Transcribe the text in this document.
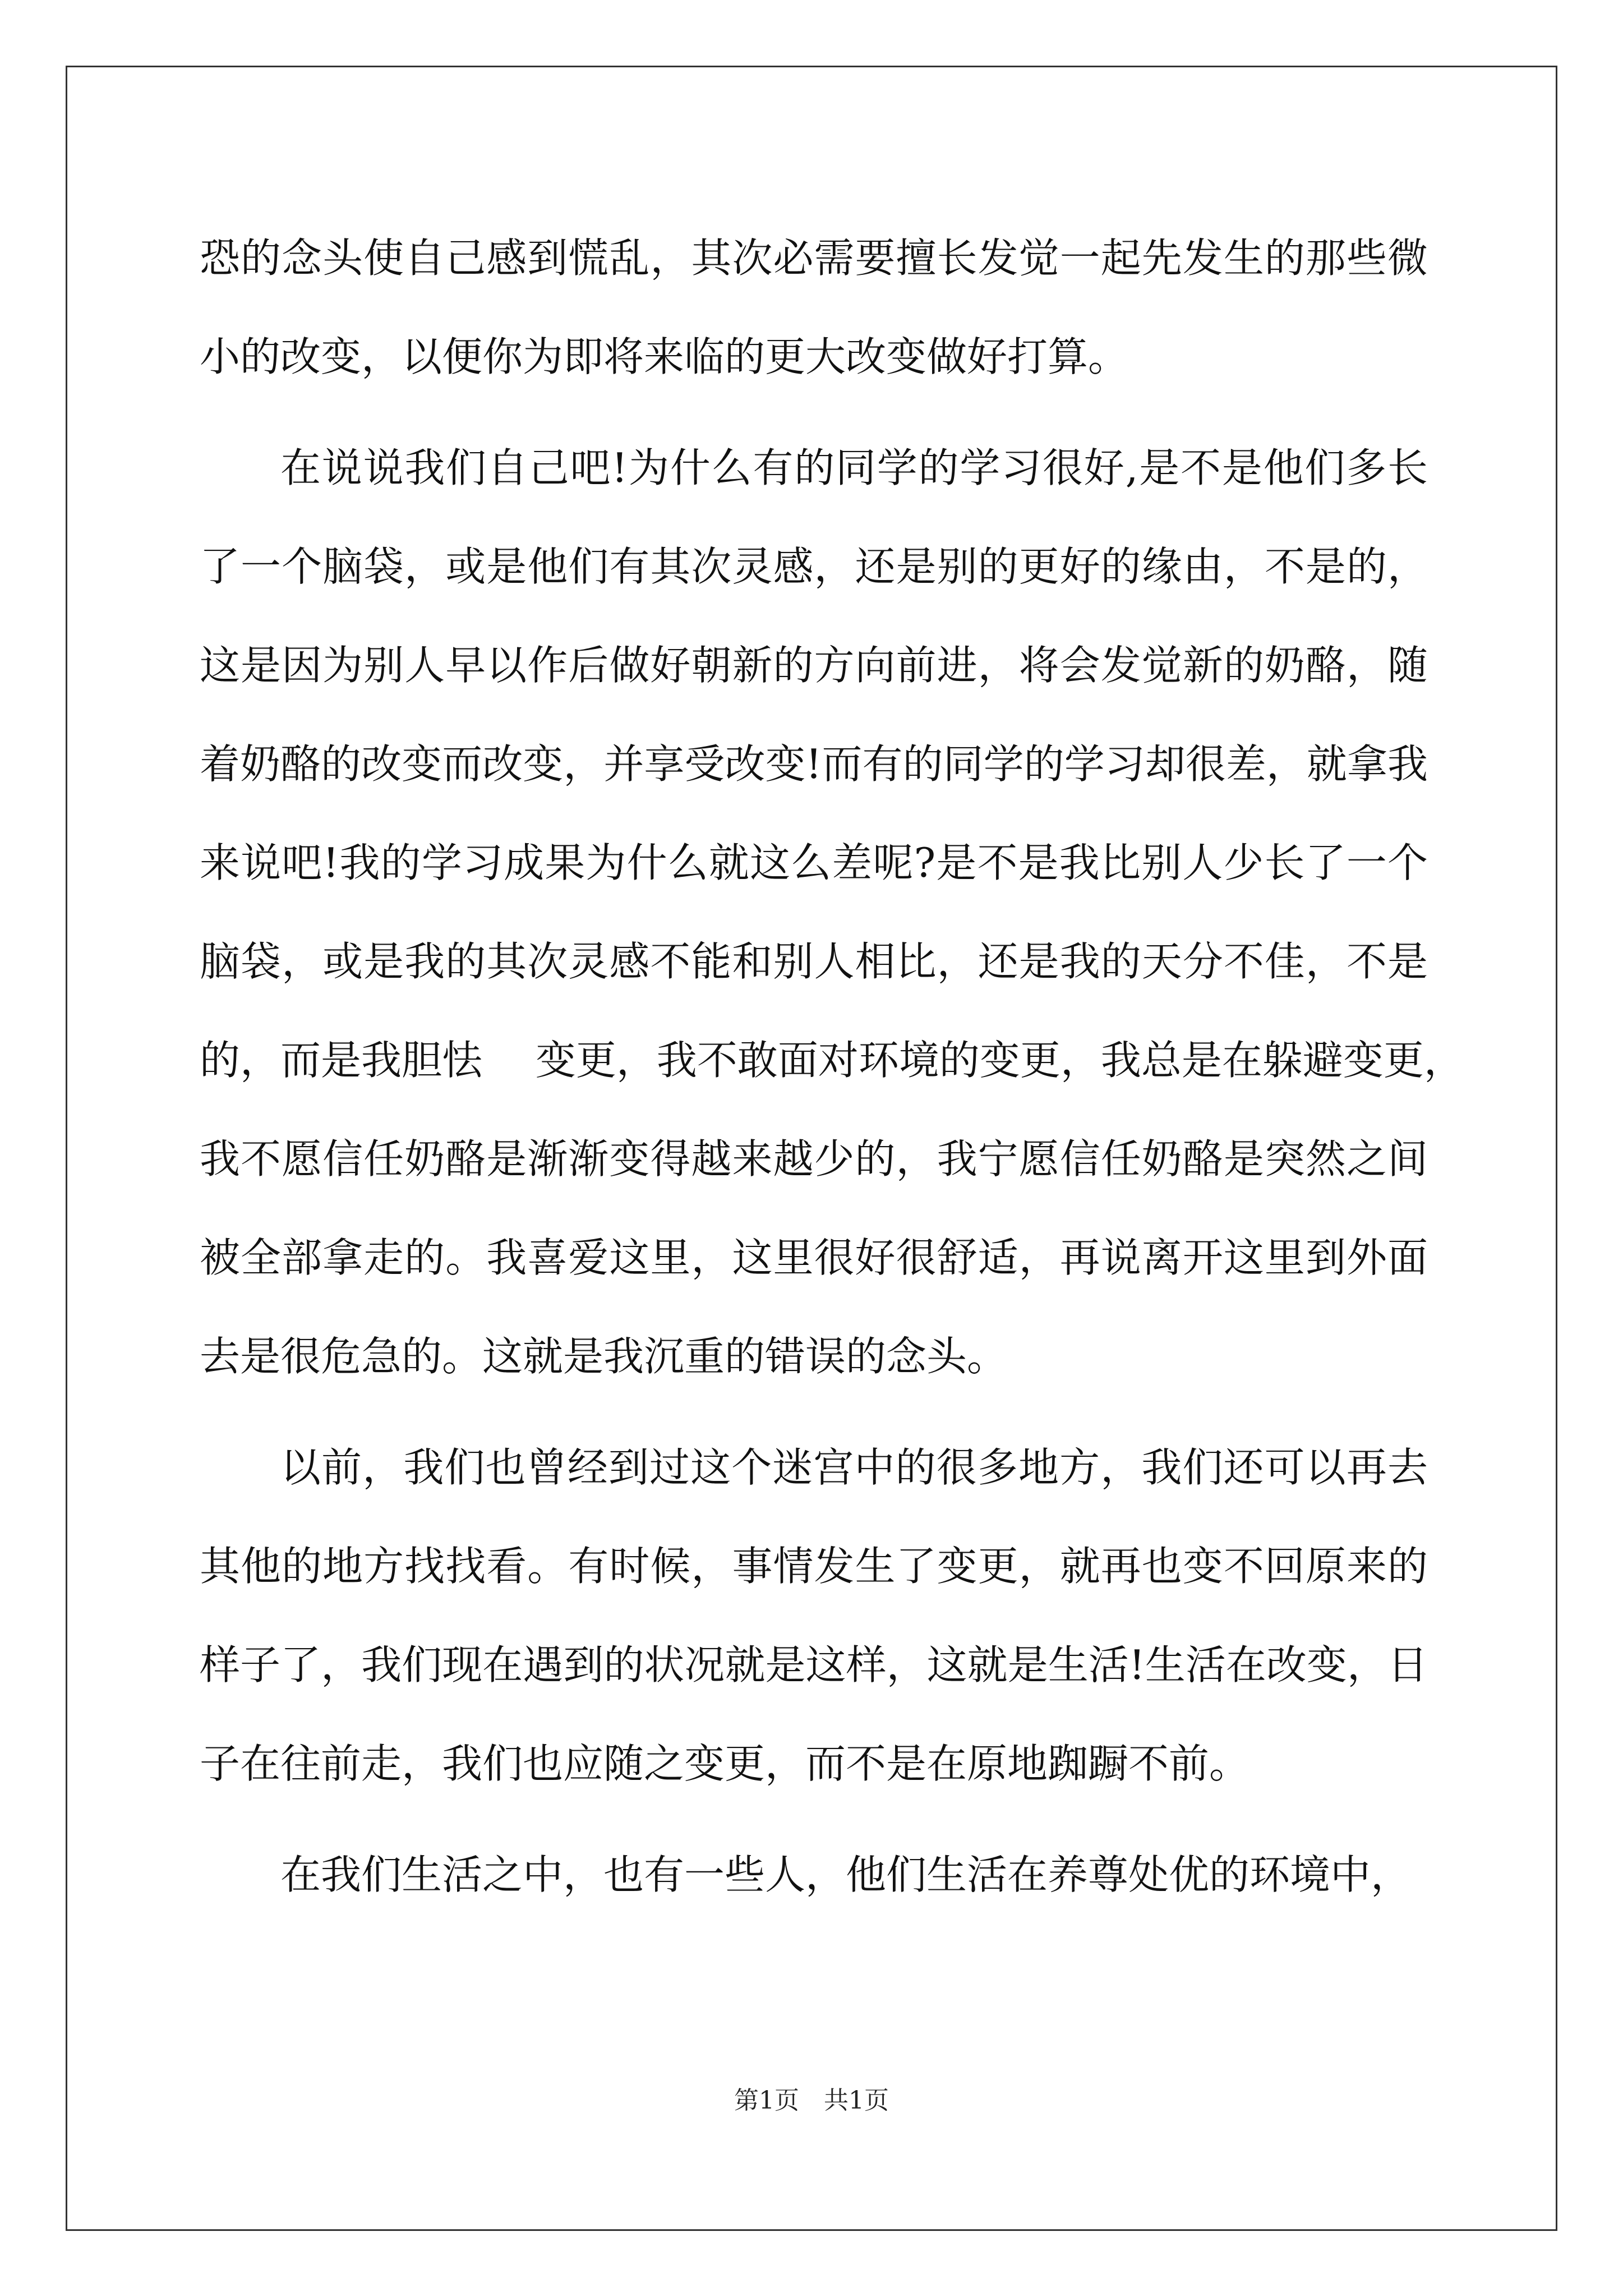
恐的念头使自己感到慌乱，其次必需要擅长发觉一起先发生的那些微
小的改变，以便你为即将来临的更大改变做好打算。
在说说我们自己吧!为什么有的同学的学习很好,是不是他们多长
了一个脑袋，或是他们有其次灵感，还是别的更好的缘由，不是的，
这是因为别人早以作后做好朝新的方向前进，将会发觉新的奶酪，随
着奶酪的改变而改变，并享受改变!而有的同学的学习却很差，就拿我
来说吧!我的学习成果为什么就这么差呢?是不是我比别人少长了一个
脑袋，或是我的其次灵感不能和别人相比，还是我的天分不佳，不是
的，而是我胆怯　 变更，我不敢面对环境的变更，我总是在躲避变更，
我不愿信任奶酪是渐渐变得越来越少的，我宁愿信任奶酪是突然之间
被全部拿走的。我喜爱这里，这里很好很舒适，再说离开这里到外面
去是很危急的。这就是我沉重的错误的念头。
以前，我们也曾经到过这个迷宫中的很多地方，我们还可以再去
其他的地方找找看。有时候，事情发生了变更，就再也变不回原来的
样子了，我们现在遇到的状况就是这样，这就是生活!生活在改变，日
子在往前走，我们也应随之变更，而不是在原地踟蹰不前。
在我们生活之中，也有一些人，他们生活在养尊处优的环境中，
第1页　共1页
